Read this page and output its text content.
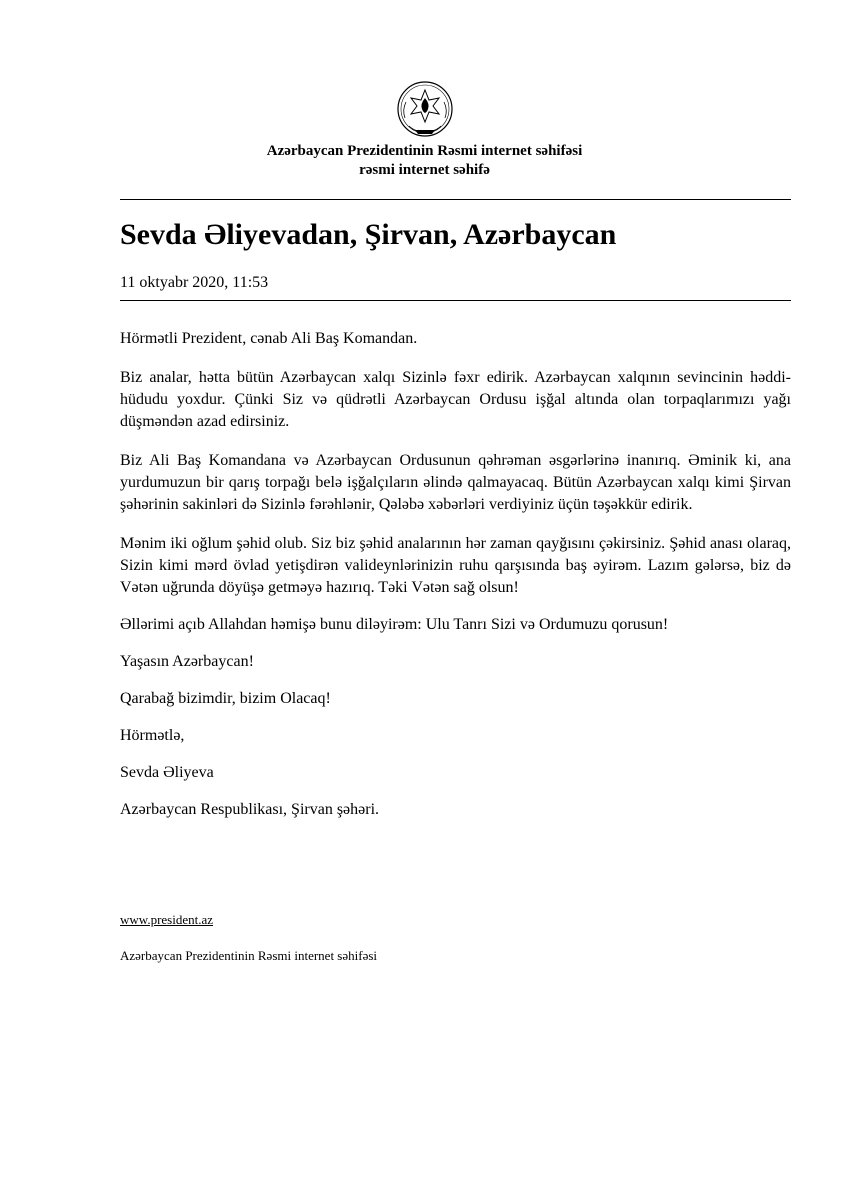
Azərbaycan Prezidentinin Rəsmi internet səhifəsi
rəsmi internet səhifə
Sevda Əliyevadan, Şirvan, Azərbaycan
11 oktyabr 2020, 11:53

Hörmətli Prezident, cənab Ali Baş Komandan.

Biz analar, hətta bütün Azərbaycan xalqı Sizinlə fəxr edirik. Azərbaycan xalqının sevincinin həddi-hüdudu yoxdur. Çünki Siz və qüdrətli Azərbaycan Ordusu işğal altında olan torpaqlarımızı yağı düşməndən azad edirsiniz.

Biz Ali Baş Komandana və Azərbaycan Ordusunun qəhrəman əsgərlərinə inanırıq. Əminik ki, ana yurdumuzun bir qarış torpağı belə işğalçıların əlində qalmayacaq. Bütün Azərbaycan xalqı kimi Şirvan şəhərinin sakinləri də Sizinlə fərəhlənir, Qələbə xəbərləri verdiyiniz üçün təşəkkür edirik.

Mənim iki oğlum şəhid olub. Siz biz şəhid analarının hər zaman qayğısını çəkirsiniz. Şəhid anası olaraq, Sizin kimi mərd övlad yetişdirən valideynlərinizin ruhu qarşısında baş əyirəm. Lazım gələrsə, biz də Vətən uğrunda döyüşə getməyə hazırıq. Təki Vətən sağ olsun!

Əllərimi açıb Allahdan həmişə bunu diləyirəm: Ulu Tanrı Sizi və Ordumuzu qorusun!

Yaşasın Azərbaycan!

Qarabağ bizimdir, bizim Olacaq!

Hörmətlə,

Sevda Əliyeva

Azərbaycan Respublikası, Şirvan şəhəri.

www.president.az
Azərbaycan Prezidentinin Rəsmi internet səhifəsi
